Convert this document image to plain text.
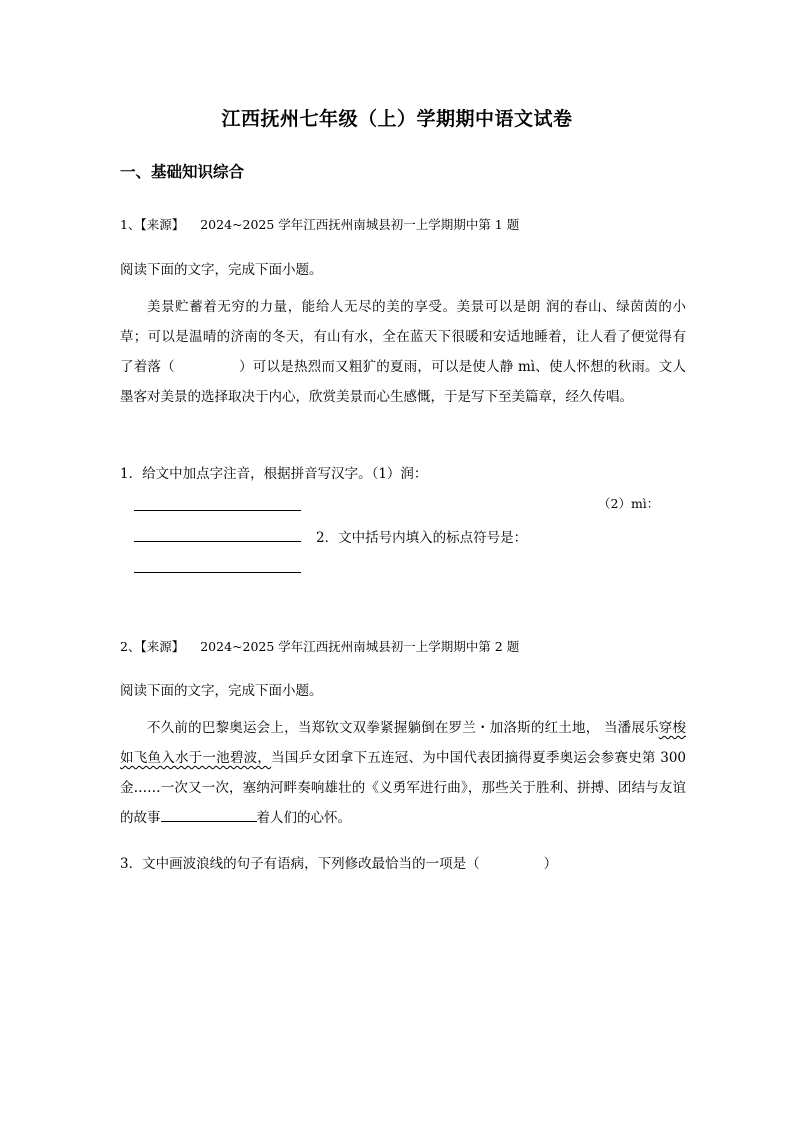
江西抚州七年级（上）学期期中语文试卷
一、基础知识综合
1、【来源】 2024~2025 学年江西抚州南城县初一上学期期中第 1 题
阅读下面的文字，完成下面小题。
美景贮蓄着无穷的力量，能给人无尽的美的享受。美景可以是朗 润的春山、绿茵茵的小草；可以是温晴的济南的冬天，有山有水，全在蓝天下很暖和安适地睡着，让人看了便觉得有了着落（	）可以是热烈而又粗犷的夏雨，可以是使人静 mì、使人怀想的秋雨。文人墨客对美景的选择取决于内心，欣赏美景而心生感慨，于是写下至美篇章，经久传唱。
1．给文中加点字注音，根据拼音写汉字。（1）润：
（2）mì：
2．文中括号内填入的标点符号是：
2、【来源】 2024~2025 学年江西抚州南城县初一上学期期中第 2 题
阅读下面的文字，完成下面小题。
不久前的巴黎奥运会上，当郑钦文双拳紧握躺倒在罗兰・加洛斯的红土地， 当潘展乐穿梭如飞鱼入水于一池碧波，当国乒女团拿下五连冠、为中国代表团摘得夏季奥运会参赛史第 300 金……一次又一次，塞纳河畔奏响雄壮的《义勇军进行曲》，那些关于胜利、拼搏、团结与友谊的故事	着人们的心怀。
3．文中画波浪线的句子有语病，下列修改最恰当的一项是（	）
